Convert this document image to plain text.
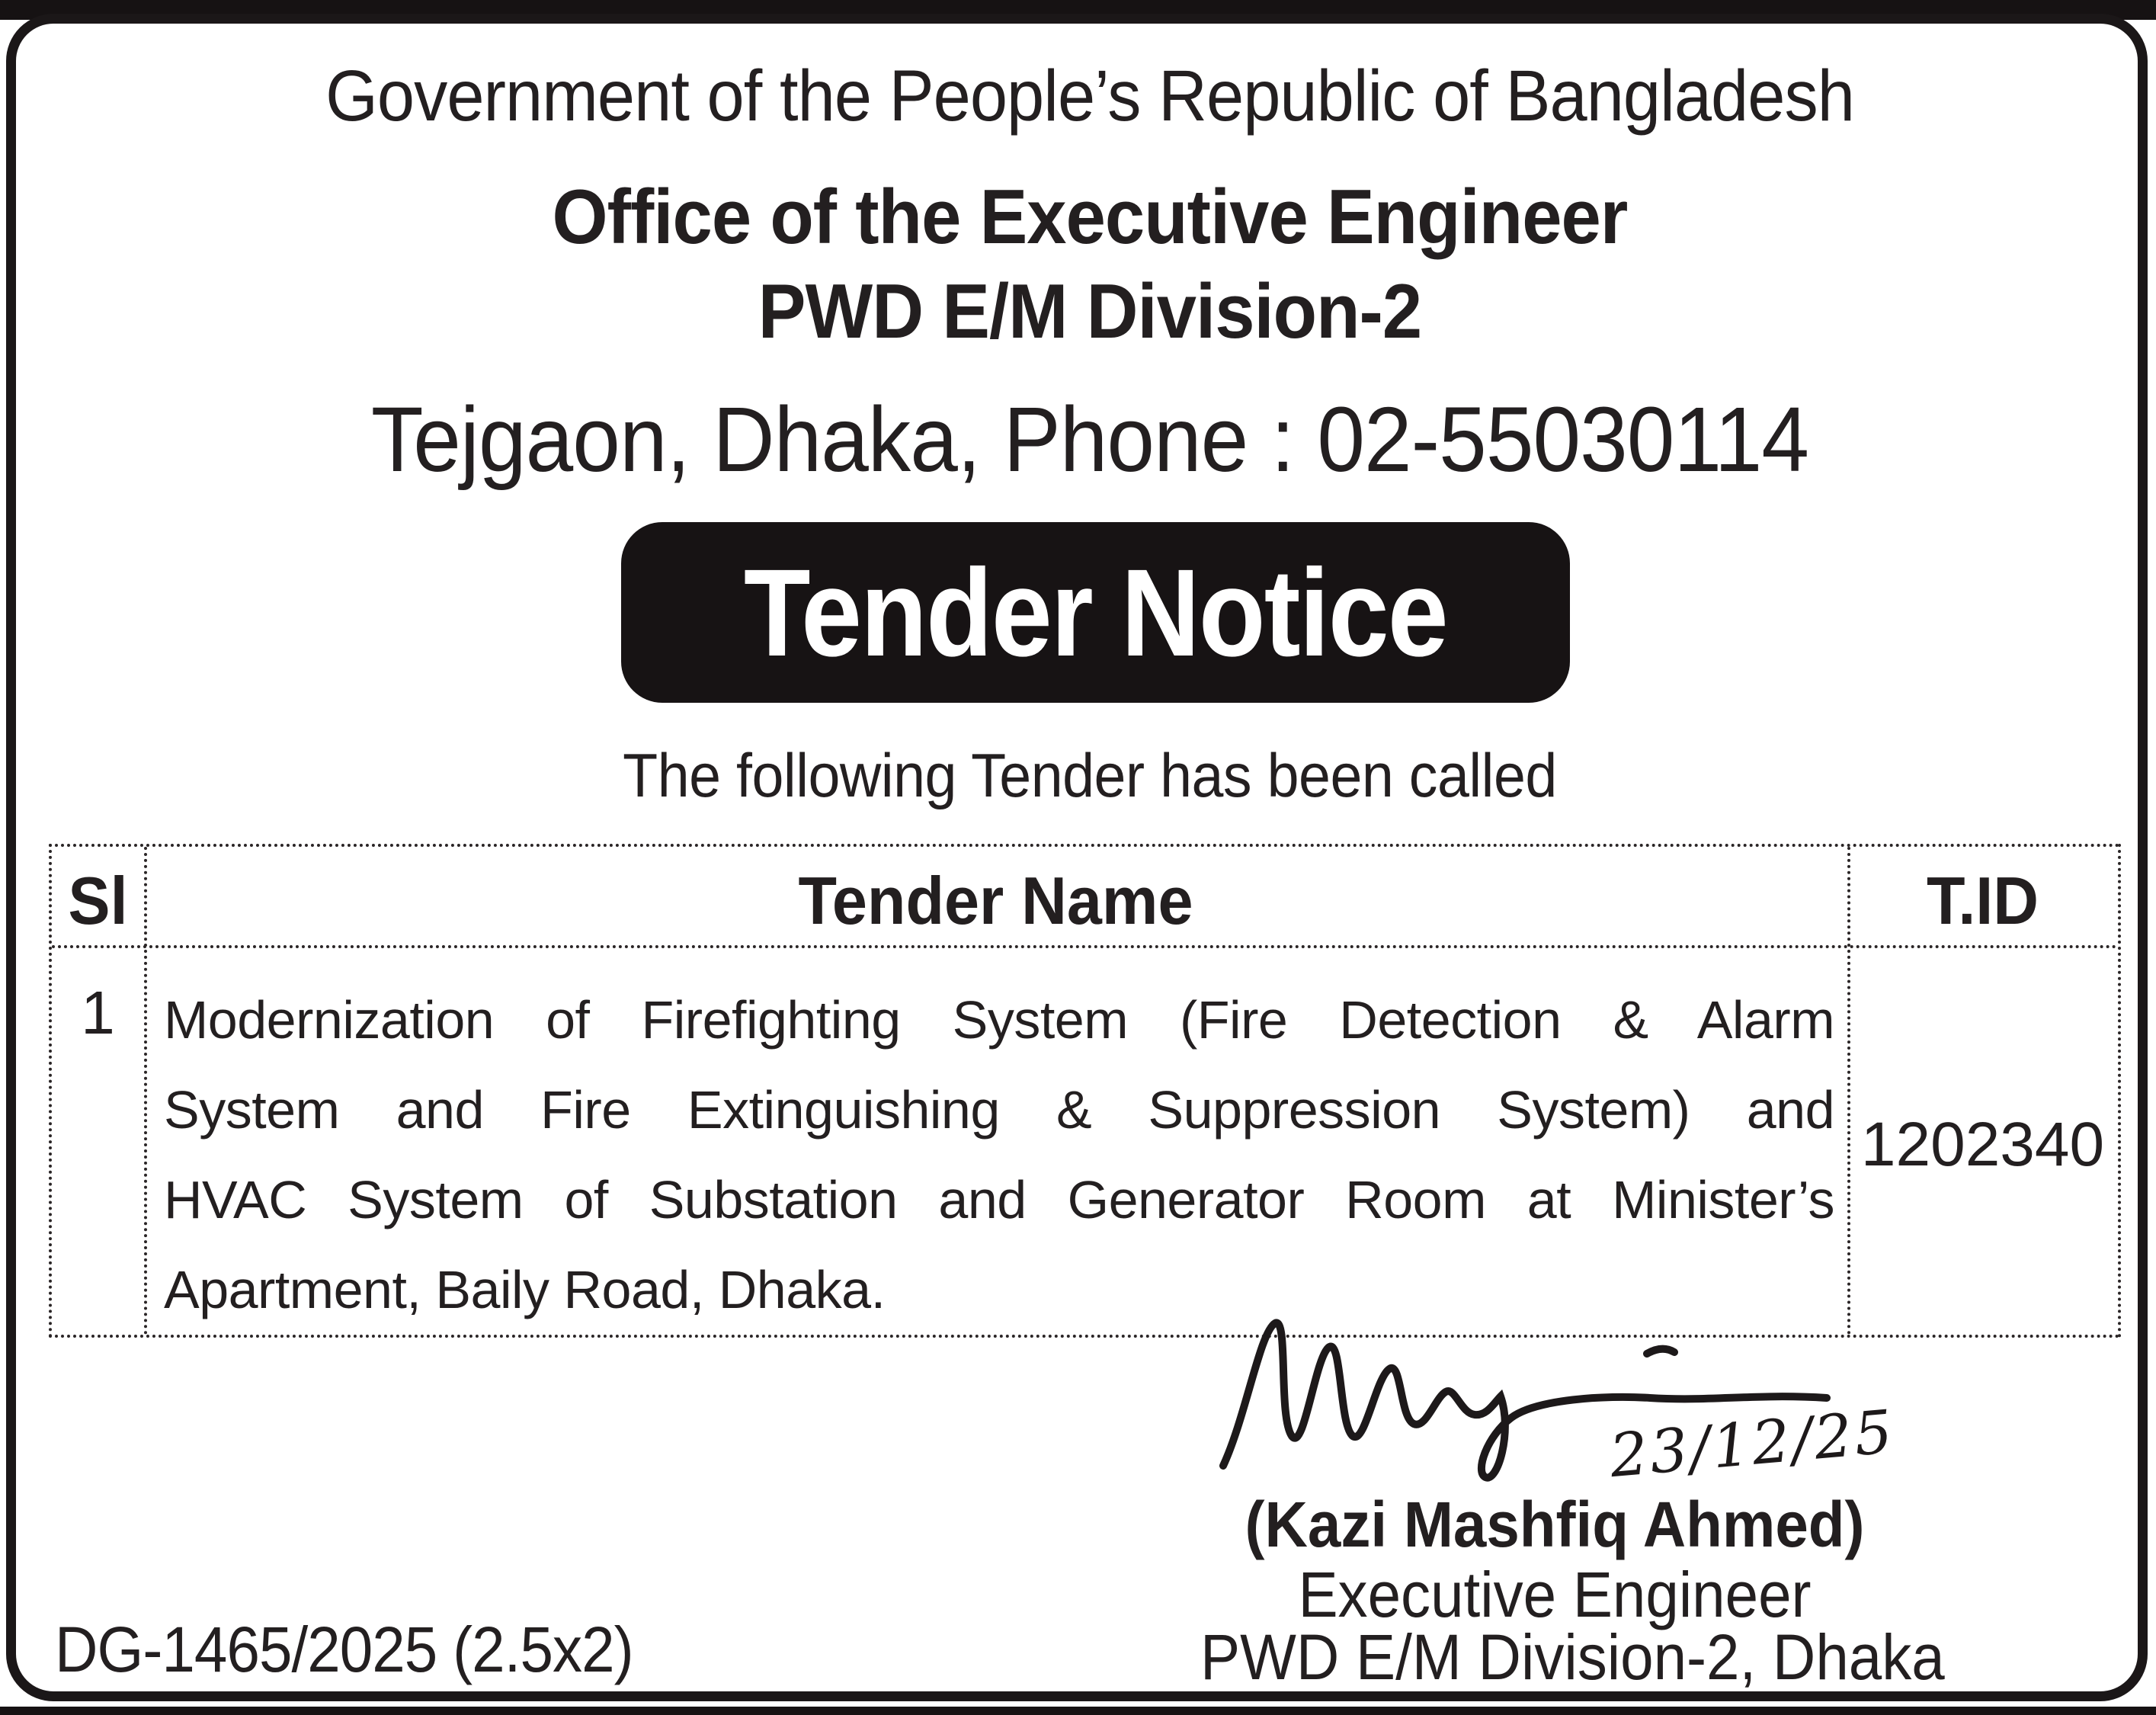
Government of the People’s Republic of Bangladesh
Office of the Executive Engineer
PWD E/M Division-2
Tejgaon, Dhaka, Phone : 02-55030114
Tender Notice
The following Tender has been called
Sl	Tender Name	T.ID
1 Modernization of Firefighting System (Fire Detection & Alarm
System and Fire Extinguishing & Suppression System) and
HVAC System of Substation and Generator Room at Minister’s
Apartment, Baily Road, Dhaka.
1202340
23/12/25
(Kazi Mashfiq Ahmed)
Executive Engineer
PWD E/M Division-2, Dhaka
DG-1465/2025 (2.5x2)
